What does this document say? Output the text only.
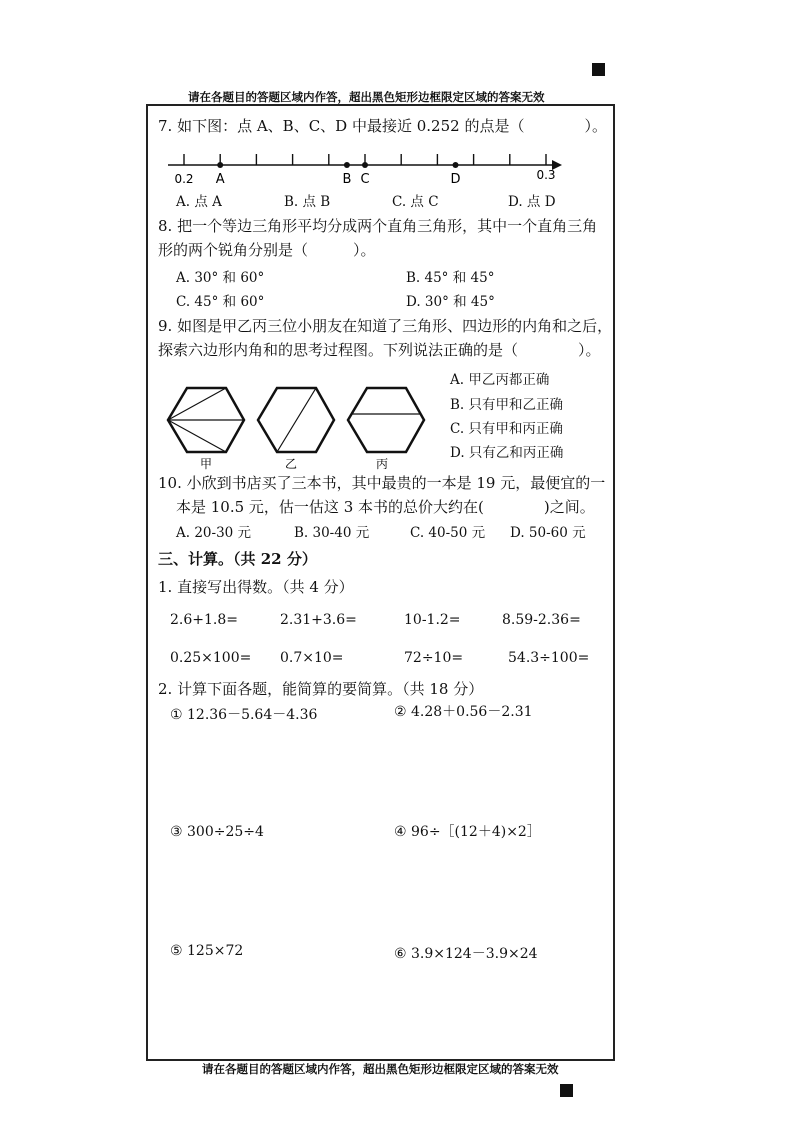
请在各题目的答题区域内作答，超出黑色矩形边框限定区域的答案无效
请在各题目的答题区域内作答，超出黑色矩形边框限定区域的答案无效
7. 如下图：点 A、B、C、D 中最接近 0.252 的点是（　　　　）。
A	B C	D
0.2	0.3
A. 点 A	B. 点 B	C. 点 C	D. 点 D
8. 把一个等边三角形平均分成两个直角三角形，其中一个直角三角
形的两个锐角分别是（　　　）。
A. 30° 和 60°	B. 45° 和 45°
C. 45° 和 60°	D. 30° 和 45°
9. 如图是甲乙丙三位小朋友在知道了三角形、四边形的内角和之后，
探索六边形内角和的思考过程图。下列说法正确的是（　　　　）。
甲	乙	丙
A. 甲乙丙都正确
B. 只有甲和乙正确
C. 只有甲和丙正确
D. 只有乙和丙正确
10. 小欣到书店买了三本书，其中最贵的一本是 19 元，最便宜的一
本是 10.5 元，估一估这 3 本书的总价大约在(　　　　)之间。
A. 20-30 元	B. 30-40 元	C. 40-50 元 D. 50-60 元
三、计算。（共 22 分）
1. 直接写出得数。（共 4 分）
2.6+1.8=	2.31+3.6=	10-1.2=	8.59-2.36=
0.25×100= 0.7×10=	72÷10=	54.3÷100=
2. 计算下面各题，能简算的要简算。（共 18 分）
① 12.36－5.64－4.36	② 4.28＋0.56－2.31
③ 300÷25÷4	④ 96÷［(12＋4)×2］
⑤ 125×72	⑥ 3.9×124－3.9×24
